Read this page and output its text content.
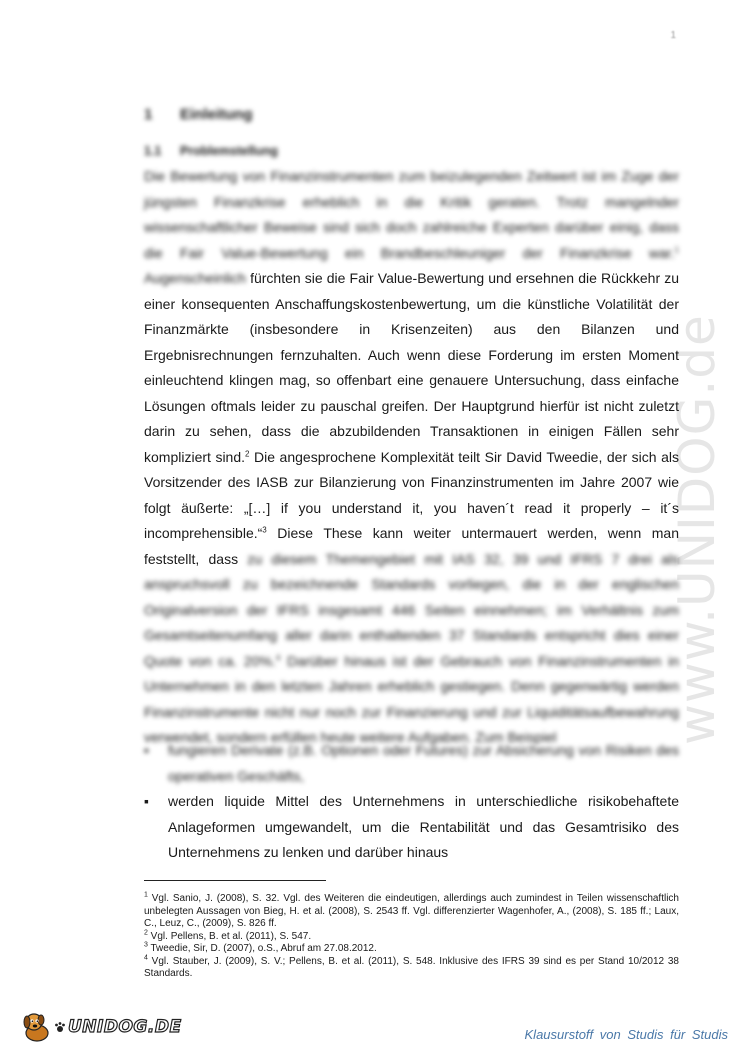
1
www.UNIDOG.de
1 Einleitung
1.1 Problemstellung

Die Bewertung von Finanzinstrumenten zum beizulegenden Zeitwert ist im Zuge der jüngsten Finanzkrise erheblich in die Kritik geraten. Trotz mangelnder wissenschaftlicher Beweise sind sich doch zahlreiche Experten darüber einig, dass die Fair Value-Bewertung ein Brandbeschleuniger der Finanzkrise war.$^1$ Augenscheinlich fürchten sie die Fair Value-Bewertung und ersehnen die Rückkehr zu einer konsequenten Anschaffungskostenbewertung, um die künstliche Volatilität der Finanzmärkte (insbesondere in Krisenzeiten) aus den Bilanzen und Ergebnisrechnungen fernzuhalten. Auch wenn diese Forderung im ersten Moment einleuchtend klingen mag, so offenbart eine genauere Untersuchung, dass einfache Lösungen oftmals leider zu pauschal greifen. Der Hauptgrund hierfür ist nicht zuletzt darin zu sehen, dass die abzubildenden Transaktionen in einigen Fällen sehr kompliziert sind.$^2$ Die angesprochene Komplexität teilt Sir David Tweedie, der sich als Vorsitzender des IASB zur Bilanzierung von Finanzinstrumenten im Jahre 2007 wie folgt äußerte: „[…] if you understand it, you haven´t read it properly – it´s incomprehensible.“$^3$ Diese These kann weiter untermauert werden, wenn man feststellt, dass zu diesem Themengebiet mit IAS 32, 39 und IFRS 7 drei als anspruchsvoll zu bezeichnende Standards vorliegen, die in der englischen Originalversion der IFRS insgesamt 446 Seiten einnehmen; im Verhältnis zum Gesamtseitenumfang aller darin enthaltenden 37 Standards entspricht dies einer Quote von ca. 20%.$^4$ Darüber hinaus ist der Gebrauch von Finanzinstrumenten in Unternehmen in den letzten Jahren erheblich gestiegen. Denn gegenwärtig werden Finanzinstrumente nicht nur noch zur Finanzierung und zur Liquiditätsaufbewahrung verwendet, sondern erfüllen heute weitere Aufgaben. Zum Beispiel

▪ fungieren Derivate (z.B. Optionen oder Futures) zur Absicherung von Risiken des operativen Geschäfts,
▪ werden liquide Mittel des Unternehmens in unterschiedliche risikobehaftete Anlageformen umgewandelt, um die Rentabilität und das Gesamtrisiko des Unternehmens zu lenken und darüber hinaus
$^1$ Vgl. Sanio, J. (2008), S. 32. Vgl. des Weiteren die eindeutigen, allerdings auch zumindest in Teilen wissenschaftlich unbelegten Aussagen von Bieg, H. et al. (2008), S. 2543 ff. Vgl. differenzierter Wagenhofer, A., (2008), S. 185 ff.; Laux, C., Leuz, C., (2009), S. 826 ff.
$^2$ Vgl. Pellens, B. et al. (2011), S. 547.
$^3$ Tweedie, Sir, D. (2007), o.S., Abruf am 27.08.2012.
$^4$ Vgl. Stauber, J. (2009), S. V.; Pellens, B. et al. (2011), S. 548. Inklusive des IFRS 39 sind es per Stand 10/2012 38 Standards.
UNIDOG.DE	Klausurstoff von Studis für Studis
